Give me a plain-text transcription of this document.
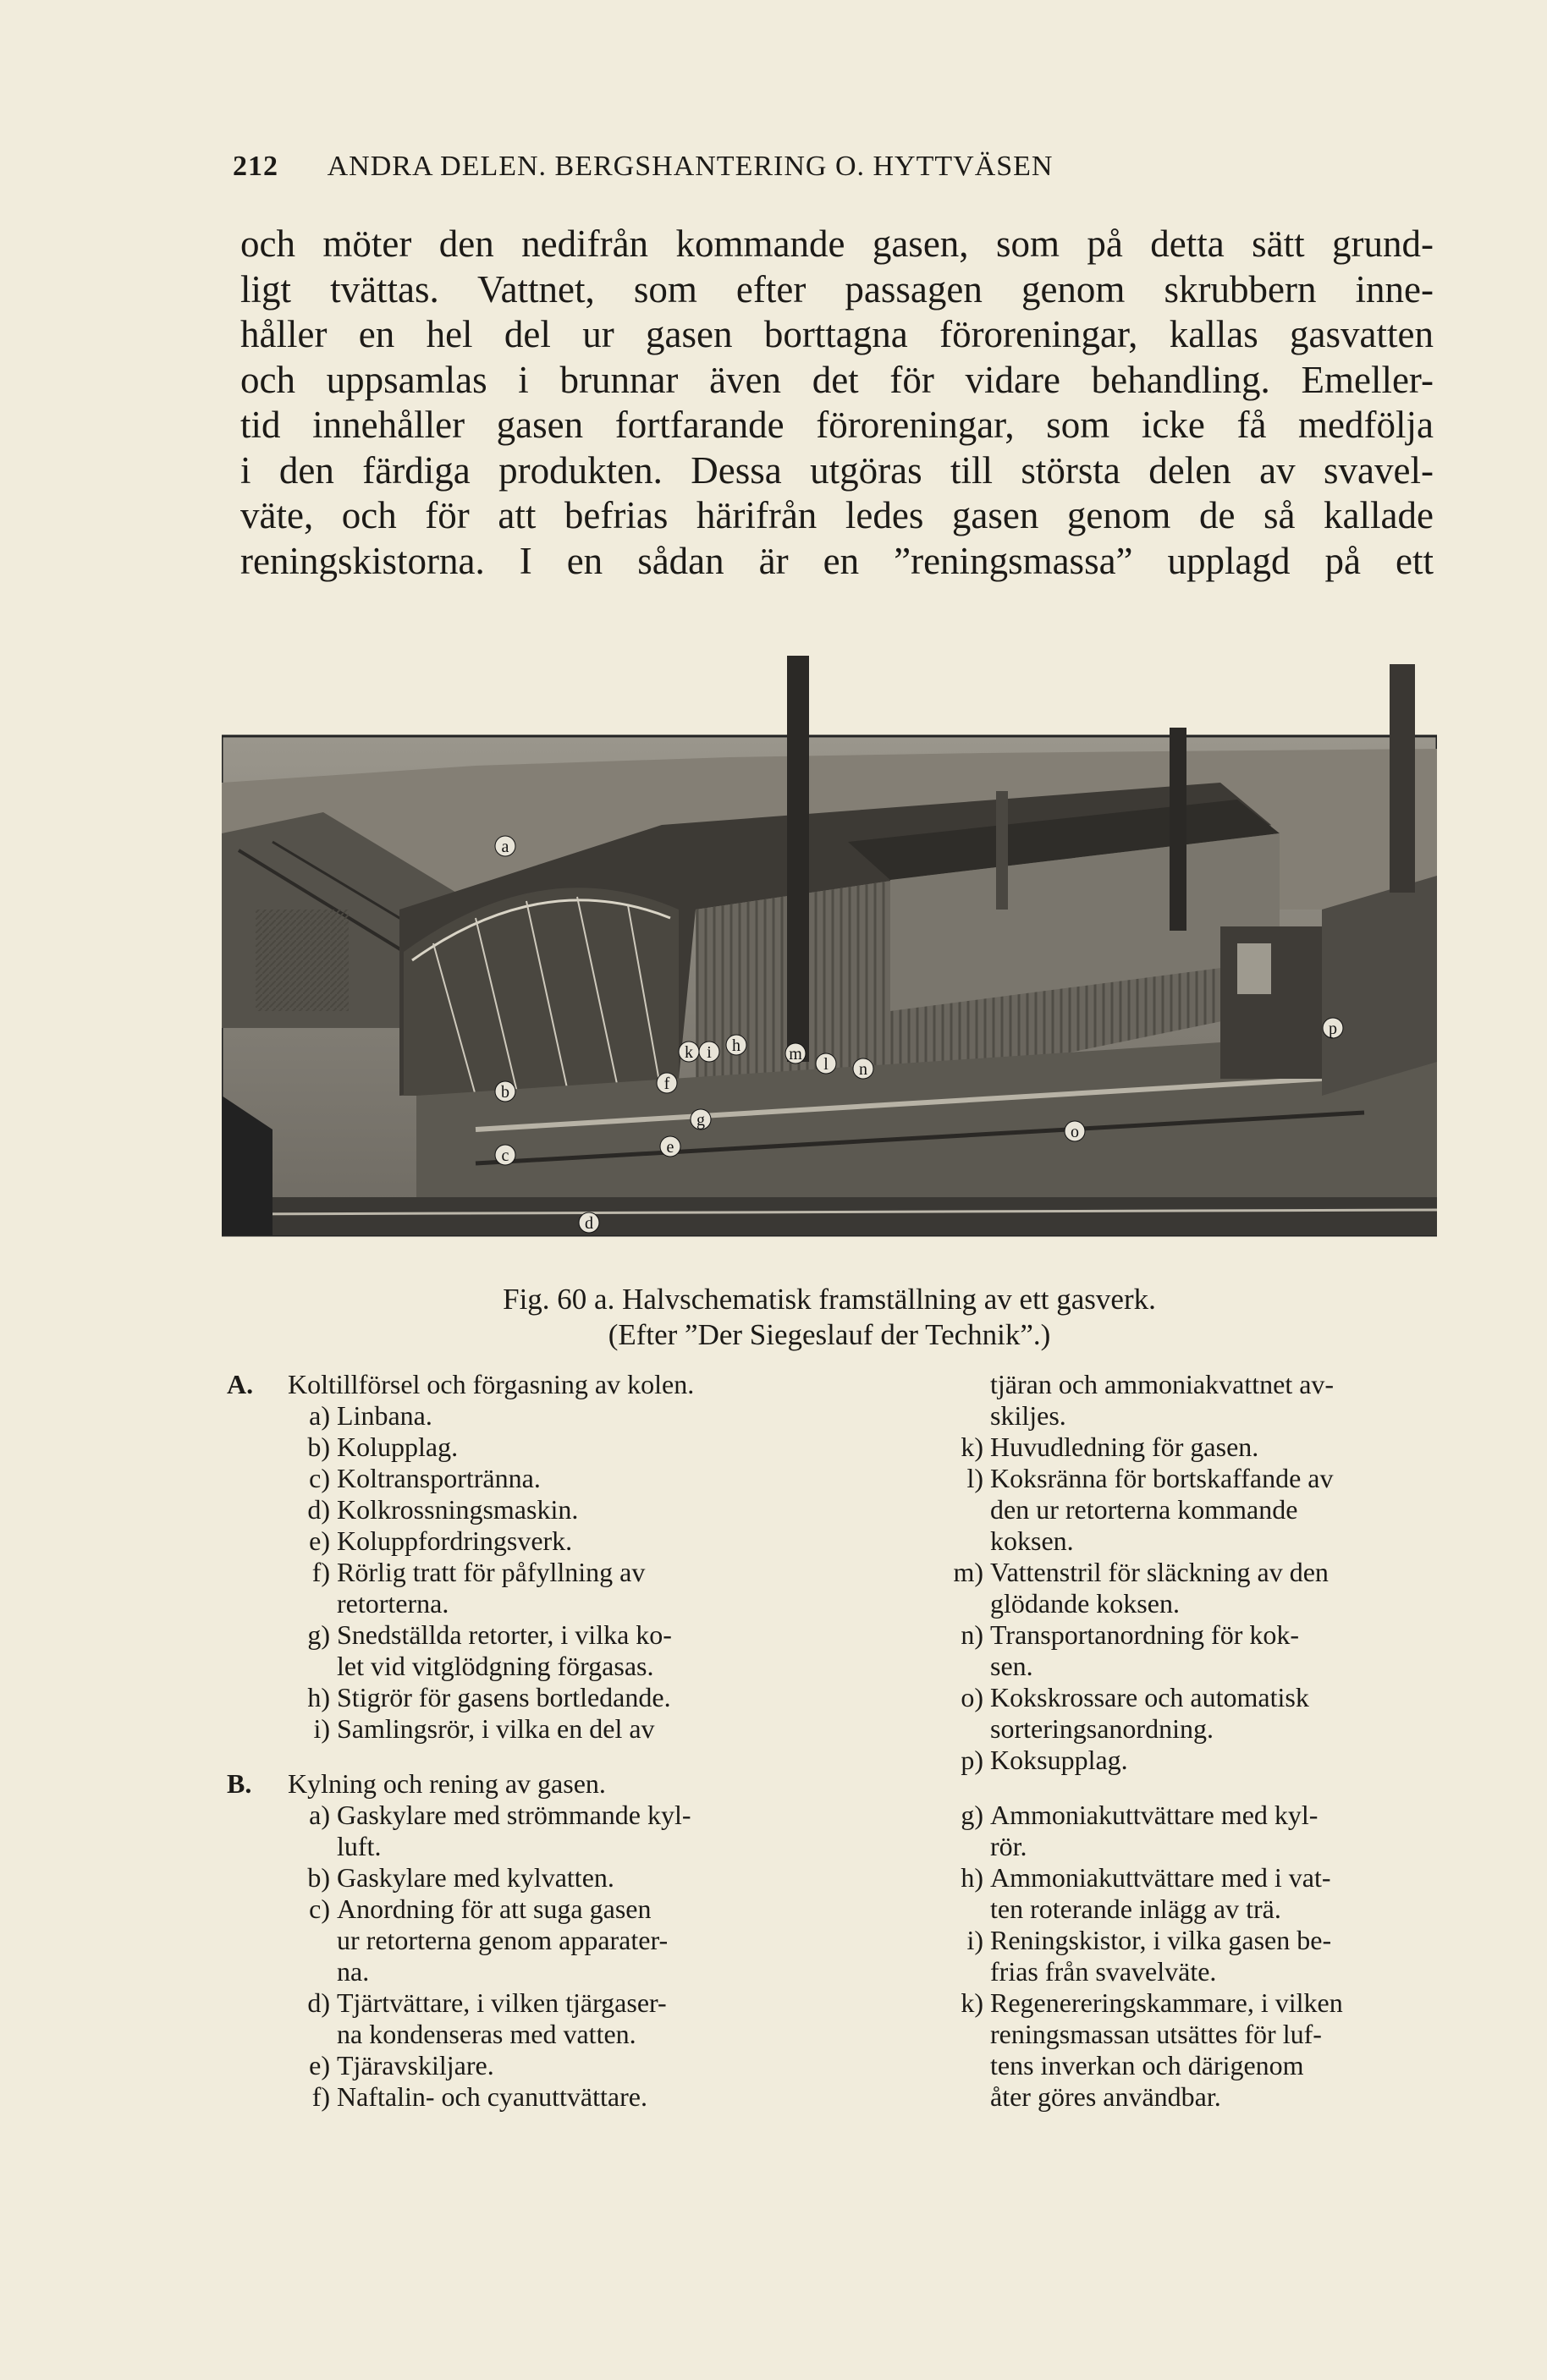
212 ANDRA DELEN. BERGSHANTERING O. HYTTVÄSEN

och möter den nedifrån kommande gasen, som på detta sätt grund-
ligt tvättas. Vattnet, som efter passagen genom skrubbern inne-
håller en hel del ur gasen borttagna föroreningar, kallas gasvatten
och uppsamlas i brunnar även det för vidare behandling. Emeller-
tid innehåller gasen fortfarande föroreningar, som icke få medfölja
i den färdiga produkten. Dessa utgöras till största delen av svavel-
väte, och för att befrias härifrån ledes gasen genom de så kallade
reningskistorna. I en sådan är en ”reningsmassa” upplagd på ett

a
b
c
d
e
f
k i h	m
l n
o
p
g
Fig. 60 a. Halvschematisk framställning av ett gasverk.
(Efter ”Der Siegeslauf der Technik”.)
A. Koltillförsel och förgasning av kolen.
a) Linbana.
b) Kolupplag.
c) Koltransportränna.
d) Kolkrossningsmaskin.
e) Koluppfordringsverk.
f) Rörlig tratt för påfyllning av
retorterna.
g) Snedställda retorter, i vilka ko-
let vid vitglödgning förgasas.
h) Stigrör för gasens bortledande.
i) Samlingsrör, i vilka en del av
B. Kylning och rening av gasen.
a) Gaskylare med strömmande kyl-
luft.
b) Gaskylare med kylvatten.
c) Anordning för att suga gasen
ur retorterna genom apparater-
na.
d) Tjärtvättare, i vilken tjärgaser-
na kondenseras med vatten.
e) Tjäravskiljare.
f) Naftalin- och cyanuttvättare.
tjäran och ammoniakvattnet av-
skiljes.
k) Huvudledning för gasen.
l) Koksränna för bortskaffande av
den ur retorterna kommande
koksen.
m) Vattenstril för släckning av den
glödande koksen.
n) Transportanordning för kok-
sen.
o) Kokskrossare och automatisk
sorteringsanordning.
p) Koksupplag.
g) Ammoniakuttvättare med kyl-
rör.
h) Ammoniakuttvättare med i vat-
ten roterande inlägg av trä.
i) Reningskistor, i vilka gasen be-
frias från svavelväte.
k) Regenereringskammare, i vilken
reningsmassan utsättes för luf-
tens inverkan och därigenom
åter göres användbar.
